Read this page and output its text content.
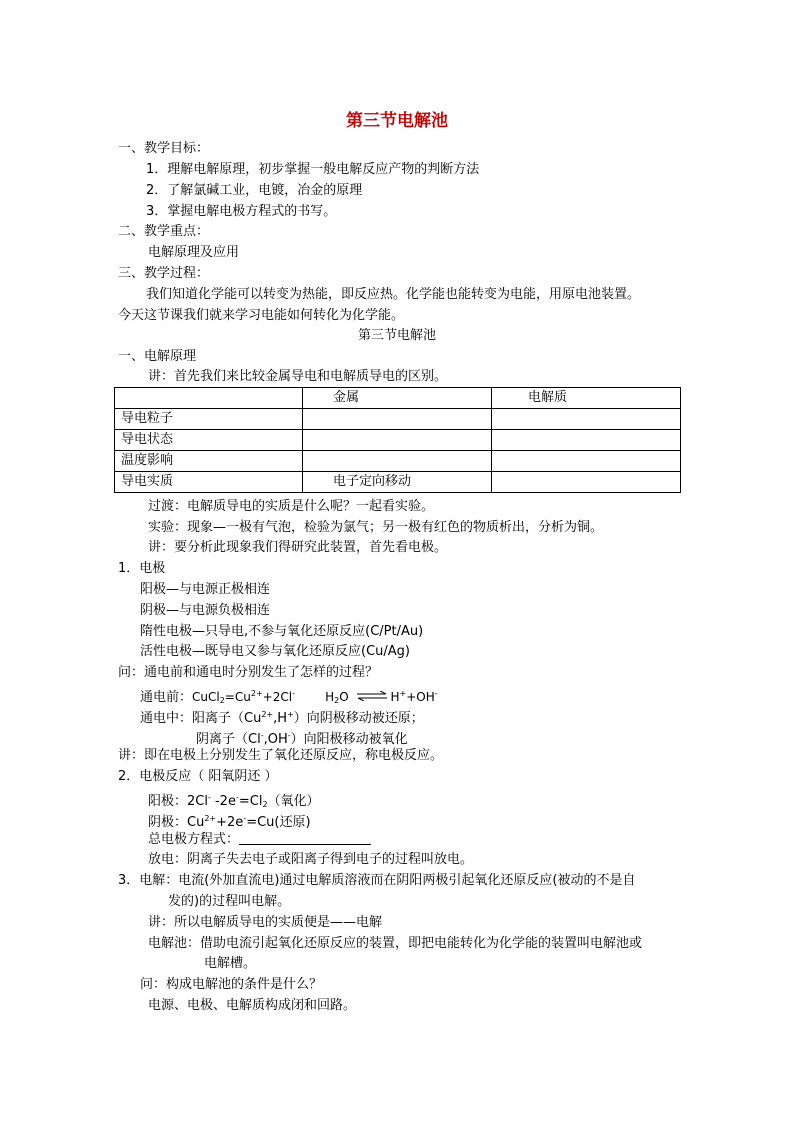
第三节电解池
一、教学目标：
1．理解电解原理，初步掌握一般电解反应产物的判断方法
2．了解氯碱工业，电镀，冶金的原理
3．掌握电解电极方程式的书写。
二、教学重点：
电解原理及应用
三、教学过程：
我们知道化学能可以转变为热能，即反应热。化学能也能转变为电能，用原电池装置。
今天这节课我们就来学习电能如何转化为化学能。
第三节电解池
一、电解原理
讲：首先我们来比较金属导电和电解质导电的区别。
	金属	电解质
导电粒子		
导电状态		
温度影响		
导电实质	电子定向移动	
过渡：电解质导电的实质是什么呢？一起看实验。
实验：现象—一极有气泡，检验为氯气；另一极有红色的物质析出，分析为铜。
讲：要分析此现象我们得研究此装置，首先看电极。
1．电极
阳极—与电源正极相连
阴极—与电源负极相连
隋性电极—只导电,不参与氧化还原反应(C/Pt/Au)
活性电极—既导电又参与氧化还原反应(Cu/Ag)
问：通电前和通电时分别发生了怎样的过程？
通电前：$CuCl_2=Cu^{2+}+2Cl^-$	$H_2O$ ⇌ H++OH-
通电中：阳离子$(Cu^{2+},H^+)$向阴极移动被还原；
阴离子（Cl-,OH-）向阳极移动被氧化
讲：即在电极上分别发生了氧化还原反应，称电极反应。
2．电极反应（ 阳氧阴还 ）
阳极：2Cl- $-2e^-=Cl_2$（氧化）
阴极：$Cu^{2+}+2e^-=Cu$(还原)
总电极方程式：
放电：阴离子失去电子或阳离子得到电子的过程叫放电。
3．电解：电流(外加直流电)通过电解质溶液而在阴阳两极引起氧化还原反应(被动的不是自
发的)的过程叫电解。
讲：所以电解质导电的实质便是——电解
电解池：借助电流引起氧化还原反应的装置，即把电能转化为化学能的装置叫电解池或
电解槽。
问：构成电解池的条件是什么？
电源、电极、电解质构成闭和回路。
